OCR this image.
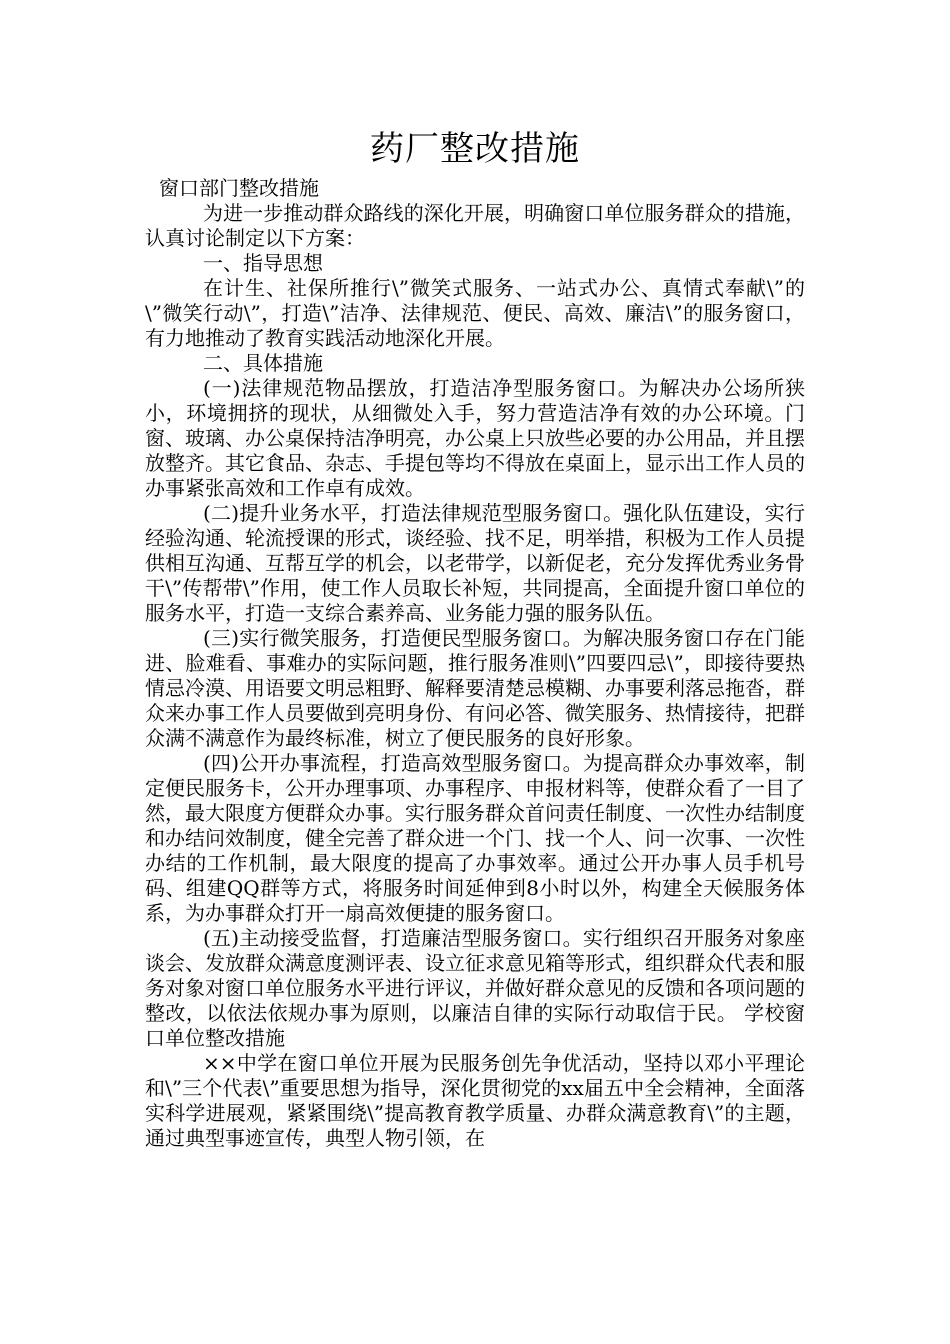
药厂整改措施

窗口部门整改措施

为进一步推动群众路线的深化开展，明确窗口单位服务群众的措施，认真讨论制定以下方案：

一、指导思想

在计生、社保所推行\”微笑式服务、一站式办公、真情式奉献\”的\”微笑行动\”，打造\”洁净、法律规范、便民、高效、廉洁\”的服务窗口，有力地推动了教育实践活动地深化开展。

二、具体措施

(一)法律规范物品摆放，打造洁净型服务窗口。为解决办公场所狭小，环境拥挤的现状，从细微处入手，努力营造洁净有效的办公环境。门窗、玻璃、办公桌保持洁净明亮，办公桌上只放些必要的办公用品，并且摆放整齐。其它食品、杂志、手提包等均不得放在桌面上，显示出工作人员的办事紧张高效和工作卓有成效。

(二)提升业务水平，打造法律规范型服务窗口。强化队伍建设，实行经验沟通、轮流授课的形式，谈经验、找不足，明举措，积极为工作人员提供相互沟通、互帮互学的机会，以老带学，以新促老，充分发挥优秀业务骨干\”传帮带\”作用，使工作人员取长补短，共同提高，全面提升窗口单位的服务水平，打造一支综合素养高、业务能力强的服务队伍。

(三)实行微笑服务，打造便民型服务窗口。为解决服务窗口存在门能进、脸难看、事难办的实际问题，推行服务准则\”四要四忌\”，即接待要热情忌冷漠、用语要文明忌粗野、解释要清楚忌模糊、办事要利落忌拖沓，群众来办事工作人员要做到亮明身份、有问必答、微笑服务、热情接待，把群众满不满意作为最终标准，树立了便民服务的良好形象。

(四)公开办事流程，打造高效型服务窗口。为提高群众办事效率，制定便民服务卡，公开办理事项、办事程序、申报材料等，使群众看了一目了然，最大限度方便群众办事。实行服务群众首问责任制度、一次性办结制度和办结问效制度，健全完善了群众进一个门、找一个人、问一次事、一次性办结的工作机制，最大限度的提高了办事效率。通过公开办事人员手机号码、组建QQ群等方式，将服务时间延伸到8小时以外，构建全天候服务体系，为办事群众打开一扇高效便捷的服务窗口。

(五)主动接受监督，打造廉洁型服务窗口。实行组织召开服务对象座谈会、发放群众满意度测评表、设立征求意见箱等形式，组织群众代表和服务对象对窗口单位服务水平进行评议，并做好群众意见的反馈和各项问题的整改，以依法依规办事为原则，以廉洁自律的实际行动取信于民。 学校窗口单位整改措施

××中学在窗口单位开展为民服务创先争优活动，坚持以邓小平理论和\”三个代表\”重要思想为指导，深化贯彻党的xx届五中全会精神，全面落实科学进展观，紧紧围绕\”提高教育教学质量、办群众满意教育\”的主题，通过典型事迹宣传，典型人物引领，在
